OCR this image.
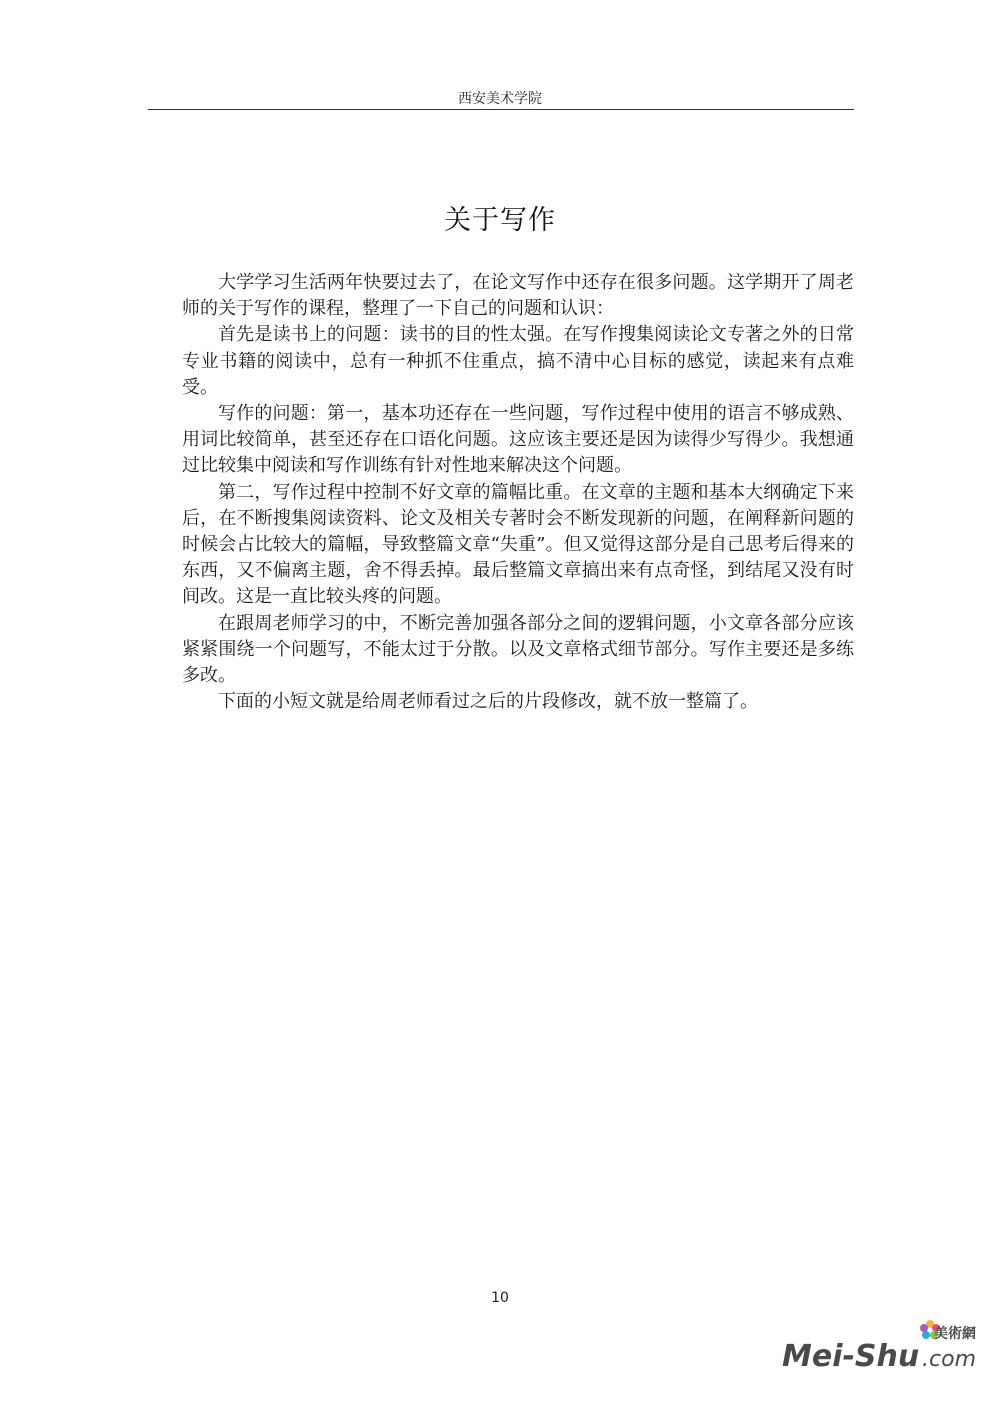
西安美术学院
关于写作

大学学习生活两年快要过去了，在论文写作中还存在很多问题。这学期开了周老师的关于写作的课程，整理了一下自己的问题和认识：

首先是读书上的问题：读书的目的性太强。在写作搜集阅读论文专著之外的日常专业书籍的阅读中，总有一种抓不住重点，搞不清中心目标的感觉，读起来有点难受。

写作的问题：第一，基本功还存在一些问题，写作过程中使用的语言不够成熟、用词比较简单，甚至还存在口语化问题。这应该主要还是因为读得少写得少。我想通过比较集中阅读和写作训练有针对性地来解决这个问题。

第二，写作过程中控制不好文章的篇幅比重。在文章的主题和基本大纲确定下来后，在不断搜集阅读资料、论文及相关专著时会不断发现新的问题，在阐释新问题的时候会占比较大的篇幅，导致整篇文章“失重”。但又觉得这部分是自己思考后得来的东西，又不偏离主题，舍不得丢掉。最后整篇文章搞出来有点奇怪，到结尾又没有时间改。这是一直比较头疼的问题。

在跟周老师学习的中，不断完善加强各部分之间的逻辑问题，小文章各部分应该紧紧围绕一个问题写，不能太过于分散。以及文章格式细节部分。写作主要还是多练多改。

下面的小短文就是给周老师看过之后的片段修改，就不放一整篇了。

10
美術網
Mei-Shu .com
